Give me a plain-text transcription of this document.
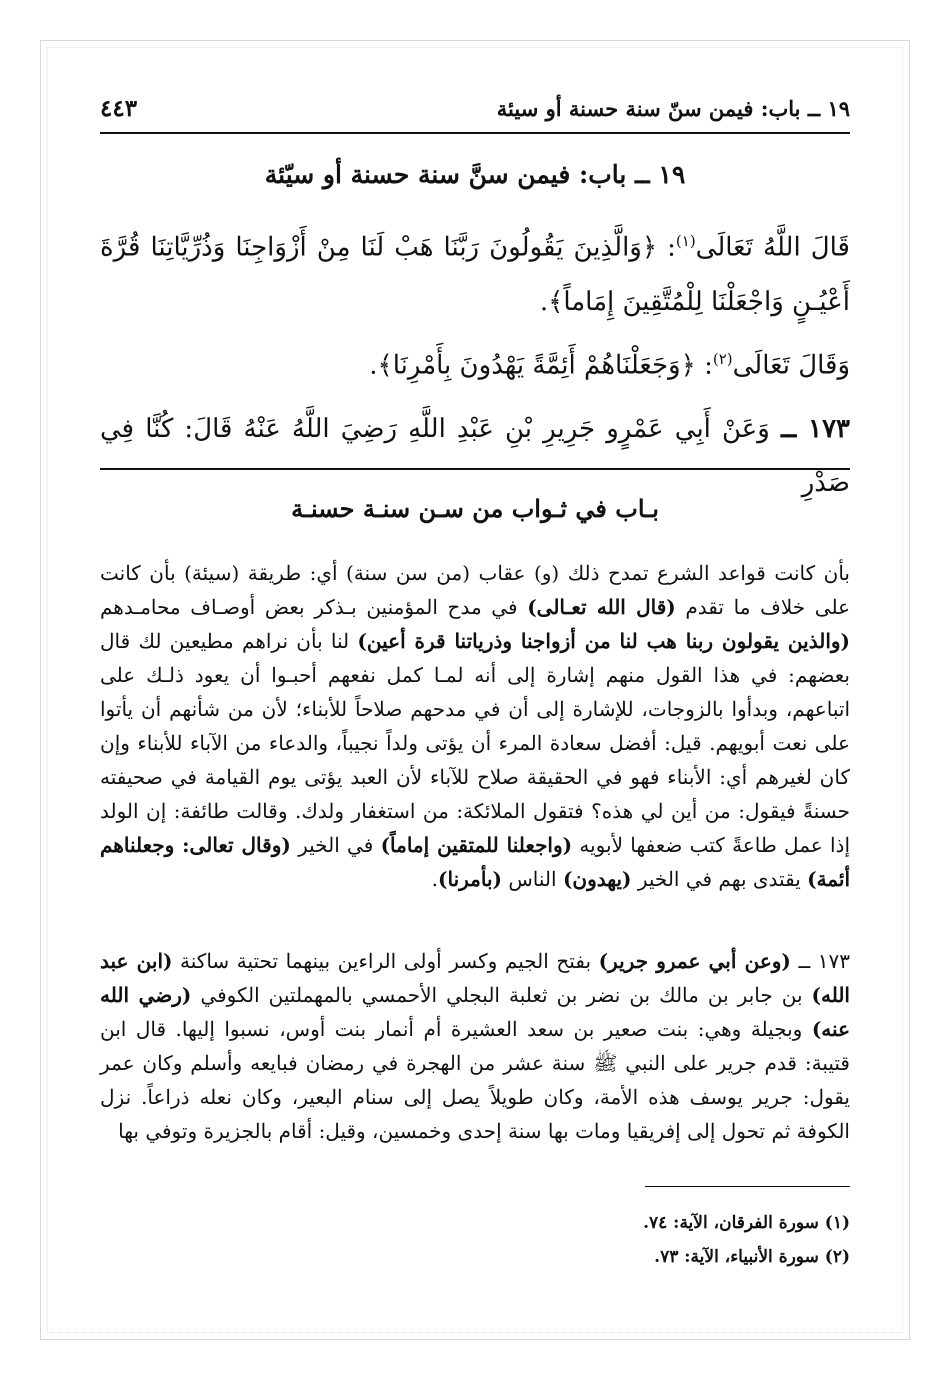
١٩ ــ باب: فيمن سنّ سنة حسنة أو سيئة
٤٤٣
١٩ ــ باب: فيمن سنَّ سنة حسنة أو سيّئة
قَالَ اللَّهُ تَعَالَى$^{(١)}$: ﴿وَالَّذِينَ يَقُولُونَ رَبَّنَا هَبْ لَنَا مِنْ أَزْوَاجِنَا وَذُرِّيَّاتِنَا قُرَّةَ أَعْيُـنٍ وَاجْعَلْنَا لِلْمُتَّقِينَ إِمَاماً﴾.
وَقَالَ تَعَالَى$^{(٢)}$: ﴿وَجَعَلْنَاهُمْ أَئِمَّةً يَهْدُونَ بِأَمْرِنَا﴾.
١٧٣ ــ وَعَنْ أَبِي عَمْرٍو جَرِيرِ بْنِ عَبْدِ اللَّهِ رَضِيَ اللَّهُ عَنْهُ قَالَ: كُنَّا فِي صَدْرِ
بـاب في ثـواب من سـن سنـة حسنـة
بأن كانت قواعد الشرع تمدح ذلك (و) عقاب (من سن سنة) أي: طريقة (سيئة) بأن كانت على خلاف ما تقدم (قال الله تعـالى) في مدح المؤمنين بـذكر بعض أوصـاف محامـدهم (والذين يقولون ربنا هب لنا من أزواجنا وذرياتنا قرة أعين) لنا بأن نراهم مطيعين لك قال بعضهم: في هذا القول منهم إشارة إلى أنه لمـا كمل نفعهم أحبـوا أن يعود ذلـك على اتباعهم، وبدأوا بالزوجات، للإشارة إلى أن في مدحهم صلاحاً للأبناء؛ لأن من شأنهم أن يأتوا على نعت أبويهم. قيل: أفضل سعادة المرء أن يؤتى ولداً نجيباً، والدعاء من الآباء للأبناء وإن كان لغيرهم أي: الأبناء فهو في الحقيقة صلاح للآباء لأن العبد يؤتى يوم القيامة في صحيفته حسنةً فيقول: من أين لي هذه؟ فتقول الملائكة: من استغفار ولدك. وقالت طائفة: إن الولد إذا عمل طاعةً كتب ضعفها لأبويه (واجعلنا للمتقين إماماً) في الخير (وقال تعالى: وجعلناهم أئمة) يقتدى بهم في الخير (يهدون) الناس (بأمرنا).
١٧٣ ــ (وعن أبي عمرو جرير) بفتح الجيم وكسر أولى الراءين بينهما تحتية ساكنة (ابن عبد الله) بن جابر بن مالك بن نضر بن ثعلبة البجلي الأحمسي بالمهملتين الكوفي (رضي الله عنه) وبجيلة وهي: بنت صعير بن سعد العشيرة أم أنمار بنت أوس، نسبوا إليها. قال ابن قتيبة: قدم جرير على النبي ﷺ سنة عشر من الهجرة في رمضان فبايعه وأسلم وكان عمر يقول: جرير يوسف هذه الأمة، وكان طويلاً يصل إلى سنام البعير، وكان نعله ذراعاً. نزل الكوفة ثم تحول إلى إفريقيا ومات بها سنة إحدى وخمسين، وقيل: أقام بالجزيرة وتوفي بها
(١) سورة الفرقان، الآية: ٧٤.
(٢) سورة الأنبياء، الآية: ٧٣.
